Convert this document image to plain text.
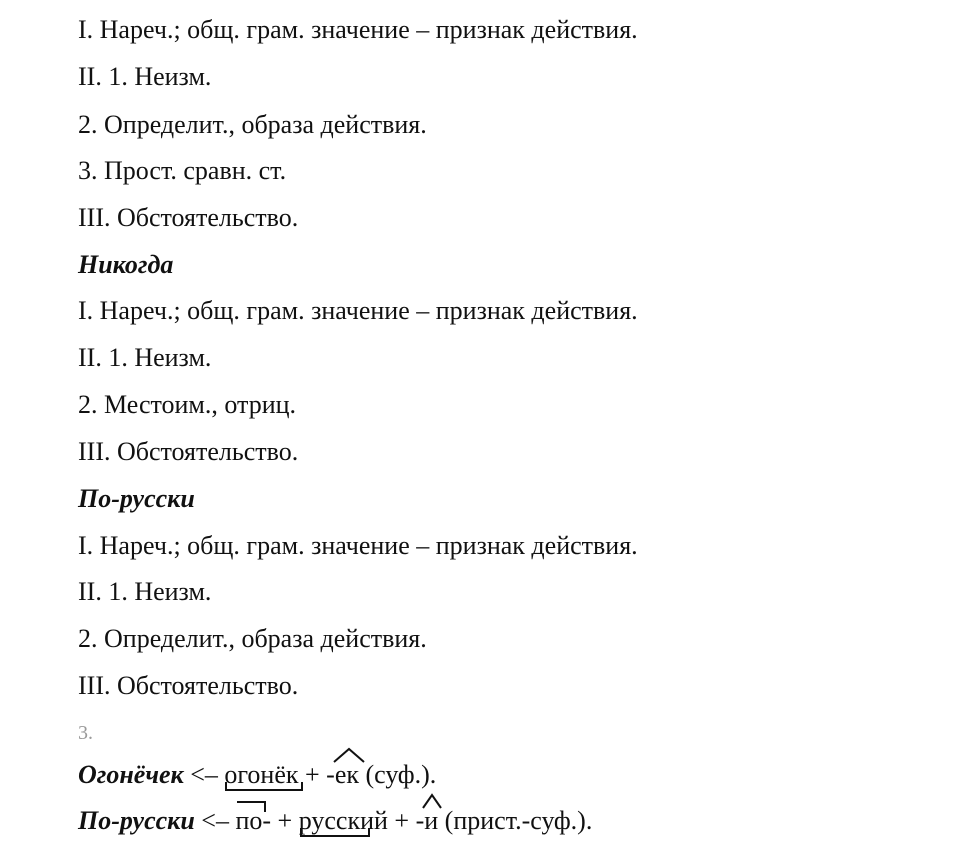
I. Нареч.; общ. грам. значение – признак действия.
II. 1. Неизм.
2. Определит., образа действия.
3. Прост. сравн. ст.
III. Обстоятельство.
Никогда
I. Нареч.; общ. грам. значение – признак действия.
II. 1. Неизм.
2. Местоим., отриц.
III. Обстоятельство.
По-русски
I. Нареч.; общ. грам. значение – признак действия.
II. 1. Неизм.
2. Определит., образа действия.
III. Обстоятельство.
3.
Огонёчек <– огонёк
+ -ек
(суф.).
По-русски <– по-
+ русский
+ -и
(прист.-суф.).
